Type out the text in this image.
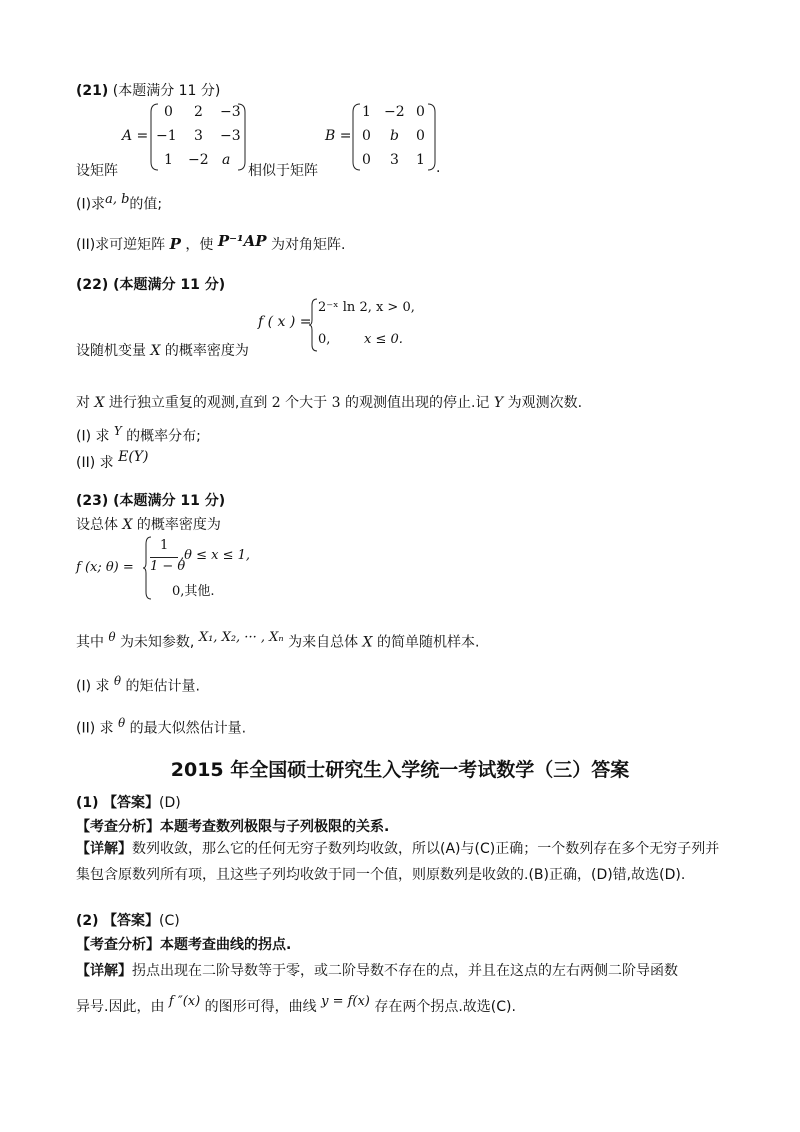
(21) (本题满分 11 分)
A =
0 2 −3
−1 3 −3
1 −2 a
B =
1 −2 0
0 b 0
0 3 1
设矩阵	相似于矩阵	.
(I)求$^{a, b}$的值;
(II)求可逆矩阵 P ，使 P⁻¹AP 为对角矩阵.
(22) (本题满分 11 分)
f ( x ) =
2⁻ˣ ln 2, x > 0,
0,	x ≤ 0.
设随机变量 X 的概率密度为
对 X 进行独立重复的观测,直到 2 个大于 3 的观测值出现的停止.记 Y 为观测次数.
(I) 求 $^Y$ 的概率分布;
(II) 求 E(Y)
(23) (本题满分 11 分)
设总体 X 的概率密度为
f (x; θ) =
1
1 − θ
,θ ≤ x ≤ 1,
0,其他.
其中 $^\theta$ 为未知参数, X₁, X₂, ··· , Xₙ 为来自总体 X 的简单随机样本.
(I) 求 $^\theta$ 的矩估计量.
(II) 求 $^\theta$ 的最大似然估计量.
2015 年全国硕士研究生入学统一考试数学（三）答案
(1) 【答案】(D)
【考查分析】本题考查数列极限与子列极限的关系.
【详解】数列收敛，那么它的任何无穷子数列均收敛，所以(A)与(C)正确；一个数列存在多个无穷子列并集包含原数列所有项，且这些子列均收敛于同一个值，则原数列是收敛的.(B)正确，(D)错,故选(D).
(2) 【答案】(C)
【考查分析】本题考查曲线的拐点.
【详解】拐点出现在二阶导数等于零，或二阶导数不存在的点，并且在这点的左右两侧二阶导函数
异号.因此，由 f ″(x) 的图形可得，曲线 y = f(x) 存在两个拐点.故选(C).
